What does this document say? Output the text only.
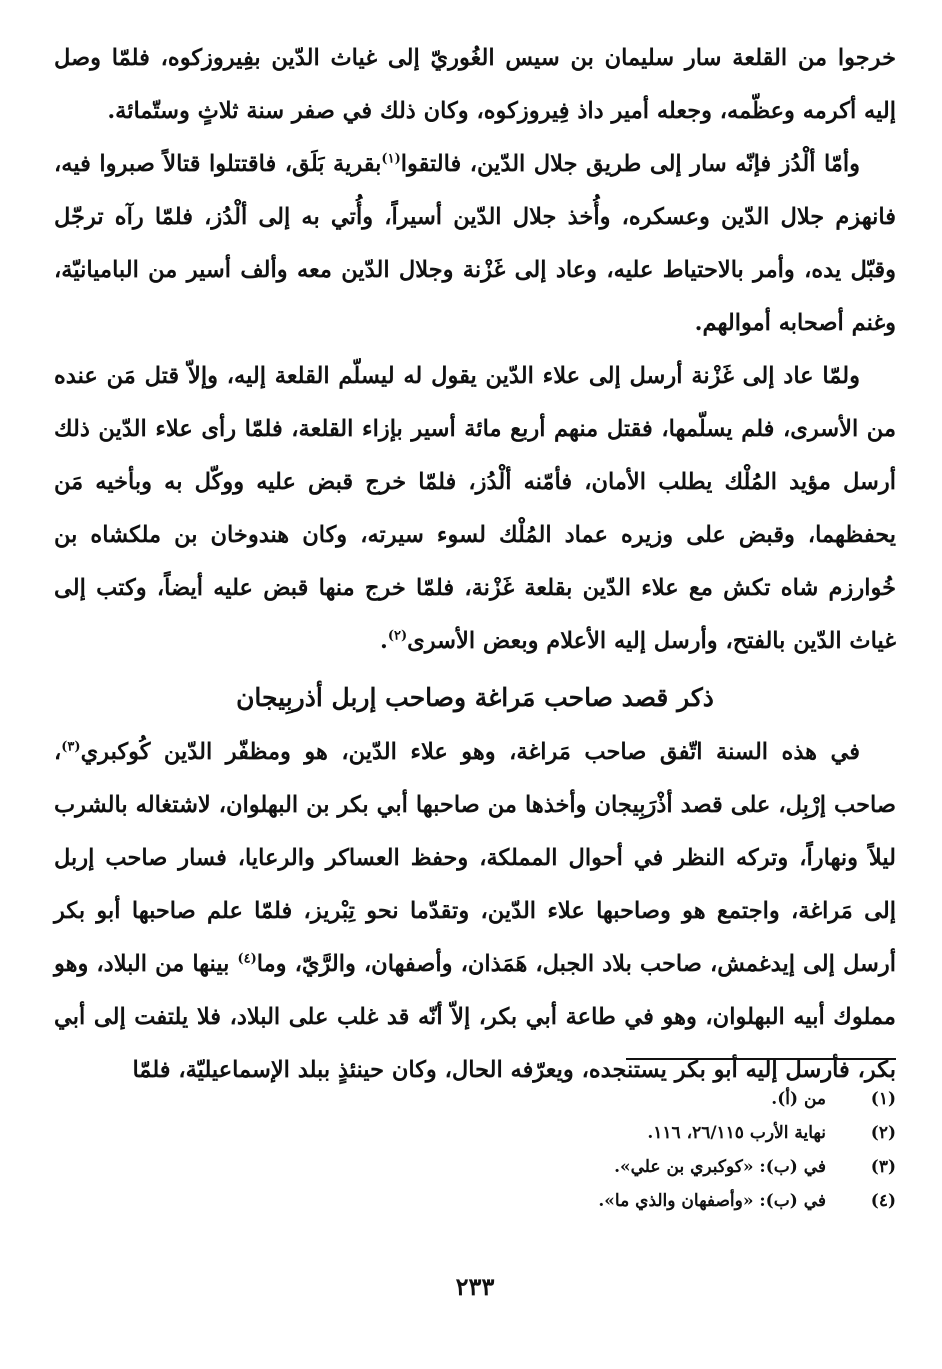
خرجوا من القلعة سار سليمان بن سيس الغُوريّ إلى غياث الدّين بفِيروزكوه، فلمّا وصل إليه أكرمه وعظّمه، وجعله أمير داذ فِيروزكوه، وكان ذلك في صفر سنة ثلاثٍ وستّمائة.

وأمّا ألْدُز فإنّه سار إلى طريق جلال الدّين، فالتقوا$^{(١)}$بقرية بَلَق، فاقتتلوا قتالاً صبروا فيه، فانهزم جلال الدّين وعسكره، وأُخذ جلال الدّين أسيراً، وأُتي به إلى ألْدُز، فلمّا رآه ترجّل وقبّل يده، وأمر بالاحتياط عليه، وعاد إلى غَزْنة وجلال الدّين معه وألف أسير من الباميانيّة، وغنم أصحابه أموالهم.

ولمّا عاد إلى غَزْنة أرسل إلى علاء الدّين يقول له ليسلّم القلعة إليه، وإلاّ قتل مَن عنده من الأسرى، فلم يسلّمها، فقتل منهم أربع مائة أسير بإزاء القلعة، فلمّا رأى علاء الدّين ذلك أرسل مؤيد المُلْك يطلب الأمان، فأمّنه ألْدُز، فلمّا خرج قبض عليه ووكّل به وبأخيه مَن يحفظهما، وقبض على وزيره عماد المُلْك لسوء سيرته، وكان هندوخان بن ملكشاه بن خُوارزم شاه تكش مع علاء الدّين بقلعة غَزْنة، فلمّا خرج منها قبض عليه أيضاً، وكتب إلى غياث الدّين بالفتح، وأرسل إليه الأعلام وبعض الأسرى$^{(٢)}$.

ذكر قصد صاحب مَراغة وصاحب إربل أذربِيجان

في هذه السنة اتّفق صاحب مَراغة، وهو علاء الدّين، هو ومظفّر الدّين كُوكبري$^{(٣)}$، صاحب إرْبِل، على قصد أذْرَبِيجان وأخذها من صاحبها أبي بكر بن البهلوان، لاشتغاله بالشرب ليلاً ونهاراً، وتركه النظر في أحوال المملكة، وحفظ العساكر والرعايا، فسار صاحب إربل إلى مَراغة، واجتمع هو وصاحبها علاء الدّين، وتقدّما نحو تِبْريز، فلمّا علم صاحبها أبو بكر أرسل إلى إيدغمش، صاحب بلاد الجبل، هَمَذان، وأصفهان، والرَّيّ، وما$^{(٤)}$ بينها من البلاد، وهو مملوك أبيه البهلوان، وهو في طاعة أبي بكر، إلاّ أنّه قد غلب على البلاد، فلا يلتفت إلى أبي بكر، فأرسل إليه أبو بكر يستنجده، ويعرّفه الحال، وكان حينئذٍ ببلد الإسماعيليّة، فلمّا

(١)
من (أ).
(٢)
نهاية الأرب ٢٦/١١٥، ١١٦.
(٣)
في (ب): «كوكبري بن علي».
(٤)
في (ب): «وأصفهان والذي ما».
٢٣٣
